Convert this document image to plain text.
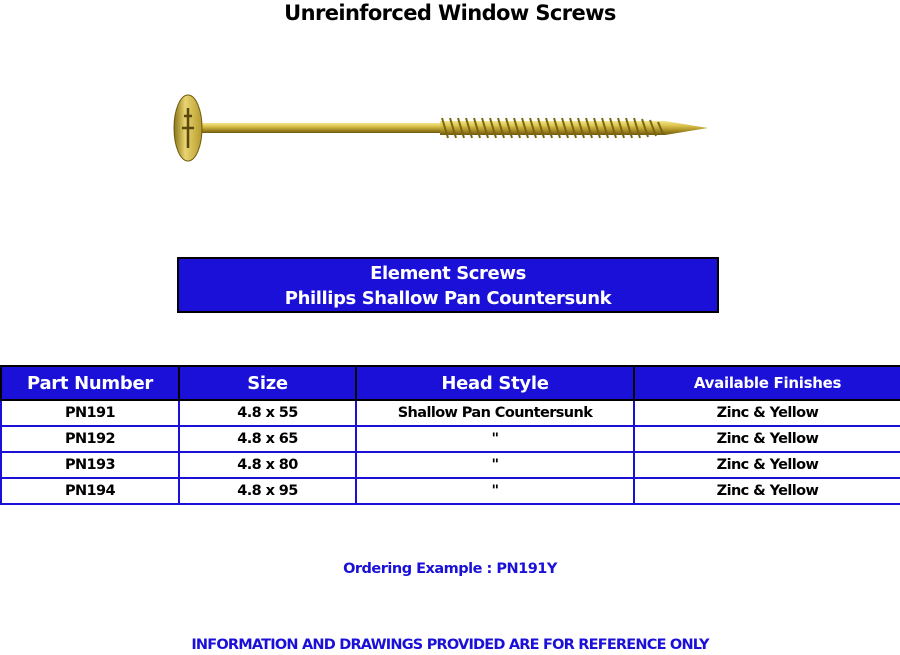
Unreinforced Window Screws
Element Screws
Phillips Shallow Pan Countersunk
Part Number	Size	Head Style	Available Finishes
PN191	4.8 x 55	Shallow Pan Countersunk	Zinc & Yellow
PN192	4.8 x 65	"	Zinc & Yellow
PN193	4.8 x 80	"	Zinc & Yellow
PN194	4.8 x 95	"	Zinc & Yellow
Ordering Example : PN191Y
INFORMATION AND DRAWINGS PROVIDED ARE FOR REFERENCE ONLY
